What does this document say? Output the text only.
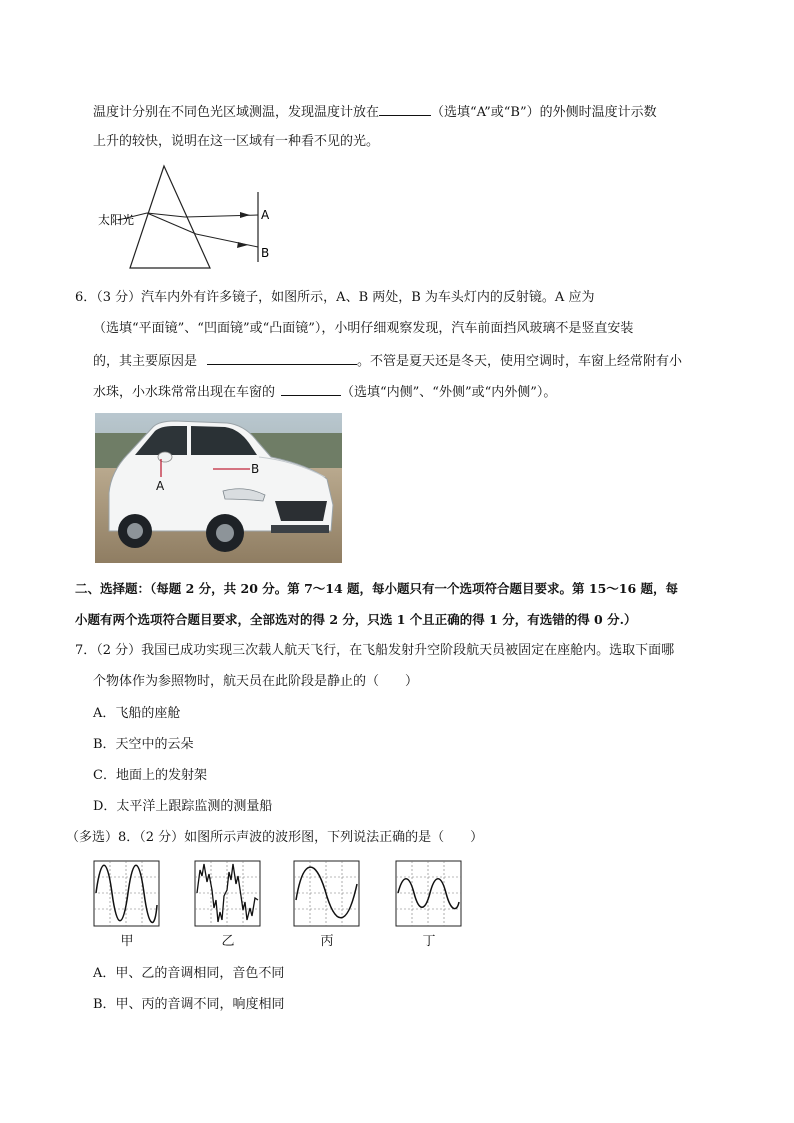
温度计分别在不同色光区域测温，发现温度计放在	（选填“A”或“B”）的外侧时温度计示数
上升的较快，说明在这一区域有一种看不见的光。
太阳光	A
B
6．（3 分）汽车内外有许多镜子，如图所示，A、B 两处，B 为车头灯内的反射镜。A 应为
（选填“平面镜”、“凹面镜”或“凸面镜”），小明仔细观察发现，汽车前面挡风玻璃不是竖直安装
的，其主要原因是	。不管是夏天还是冬天，使用空调时，车窗上经常附有小
水珠，小水珠常常出现在车窗的	（选填“内侧”、“外侧”或“内外侧”）。
A
B
二、选择题：（每题 2 分，共 20 分。第 7～14 题，每小题只有一个选项符合题目要求。第 15～16 题，每
小题有两个选项符合题目要求，全部选对的得 2 分，只选 1 个且正确的得 1 分，有选错的得 0 分.）
7．（2 分）我国已成功实现三次载人航天飞行，在飞船发射升空阶段航天员被固定在座舱内。选取下面哪
个物体作为参照物时，航天员在此阶段是静止的（　　）
A．飞船的座舱
B．天空中的云朵
C．地面上的发射架
D．太平洋上跟踪监测的测量船
（多选）8．（2 分）如图所示声波的波形图，下列说法正确的是（　　）
甲	乙	丙	丁
A．甲、乙的音调相同，音色不同
B．甲、丙的音调不同，响度相同
